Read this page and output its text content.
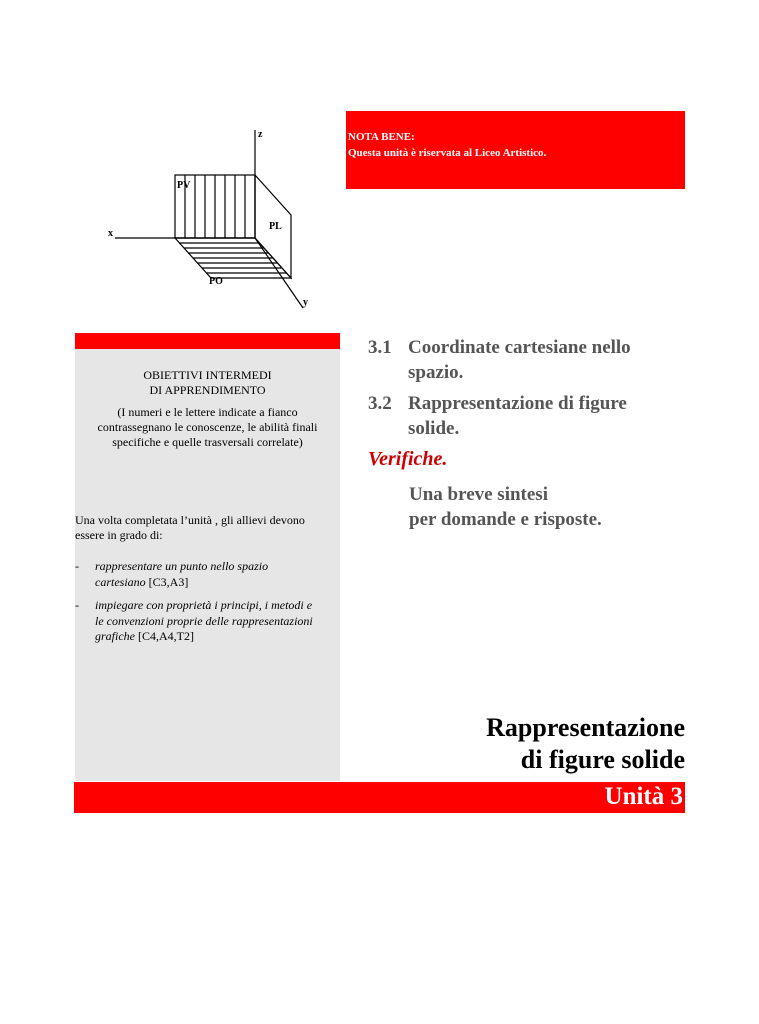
z
x
y
PV
PL
PO
NOTA BENE:
Questa unità è riservata al Liceo Artistico.
OBIETTIVI INTERMEDI
DI APPRENDIMENTO
(I numeri e le lettere indicate a fianco
contrassegnano le conoscenze, le abilità finali
specifiche e quelle trasversali correlate)
Una volta completata l’unità , gli allievi devono
essere in grado di:
- rappresentare un punto nello spazio
cartesiano [C3,A3]
- impiegare con proprietà i principi, i metodi e
le convenzioni proprie delle rappresentazioni
grafiche [C4,A4,T2]
3.1 Coordinate cartesiane nello
spazio.
3.2 Rappresentazione di figure
solide.
Verifiche.
Una breve sintesi
per domande e risposte.
Rappresentazione
di figure solide
Unità 3
